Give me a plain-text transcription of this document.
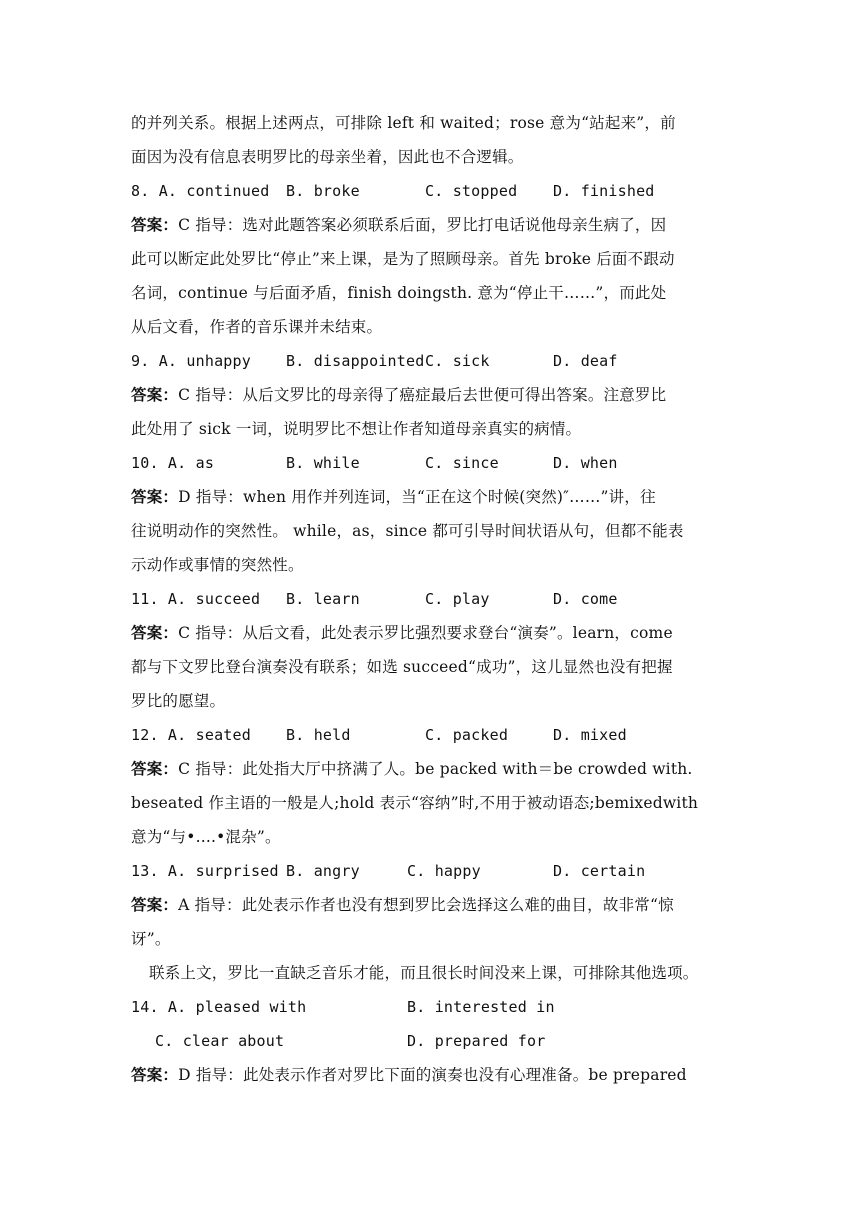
的并列关系。根据上述两点，可排除 left 和 waited；rose 意为“站起来”，前
面因为没有信息表明罗比的母亲坐着，因此也不合逻辑。
8. A. continued B. broke	C. stopped D. finished
答案：C 指导：选对此题答案必须联系后面，罗比打电话说他母亲生病了，因
此可以断定此处罗比“停止”来上课，是为了照顾母亲。首先 broke 后面不跟动
名词，continue 与后面矛盾，finish doingsth. 意为“停止干……”，而此处
从后文看，作者的音乐课并未结束。
9. A. unhappy B. disappointed C. sick	D. deaf
答案：C 指导：从后文罗比的母亲得了癌症最后去世便可得出答案。注意罗比
此处用了 sick 一词，说明罗比不想让作者知道母亲真实的病情。
10. A. as	B. while	C. since	D. when
答案：D 指导：when 用作并列连词，当“正在这个时候(突然)″……”讲，往
往说明动作的突然性。 while，as，since 都可引导时间状语从句，但都不能表
示动作或事情的突然性。
11. A. succeed B. learn	C. play	D. come
答案：C 指导：从后文看，此处表示罗比强烈要求登台“演奏”。learn，come
都与下文罗比登台演奏没有联系；如选 succeed“成功”，这儿显然也没有把握
罗比的愿望。
12. A. seated B. held	C. packed	D. mixed
答案：C 指导：此处指大厅中挤满了人。be packed with＝be crowded with.
beseated 作主语的一般是人;hold 表示“容纳”时,不用于被动语态;bemixedwith
意为“与•....•混杂”。
13. A. surprised B. angry	C. happy	D. certain
答案：A 指导：此处表示作者也没有想到罗比会选择这么难的曲目，故非常“惊
讶”。
联系上文，罗比一直缺乏音乐才能，而且很长时间没来上课，可排除其他选项。
14. A. pleased with	B. interested in
C. clear about	D. prepared for
答案：D 指导：此处表示作者对罗比下面的演奏也没有心理准备。be prepared
